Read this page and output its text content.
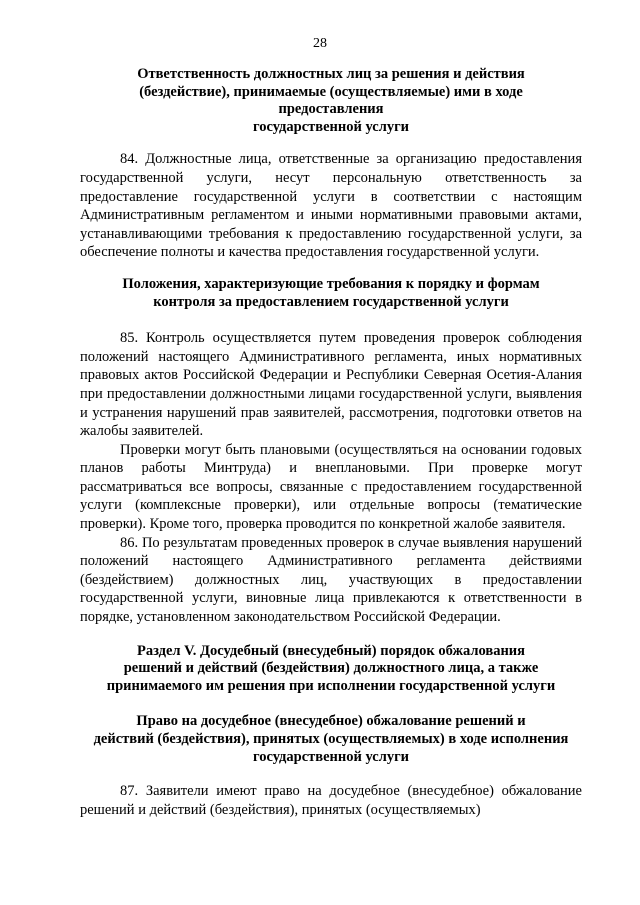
28
Ответственность должностных лиц за решения и действия
(бездействие), принимаемые (осуществляемые) ими в ходе
предоставления
государственной услуги

84. Должностные лица, ответственные за организацию предоставления государственной услуги, несут персональную ответственность за предоставление государственной услуги в соответствии с настоящим Административным регламентом и иными нормативными правовыми актами, устанавливающими требования к предоставлению государственной услуги, за обеспечение полноты и качества предоставления государственной услуги.

Положения, характеризующие требования к порядку и формам
контроля за предоставлением государственной услуги

85. Контроль осуществляется путем проведения проверок соблюдения положений настоящего Административного регламента, иных нормативных правовых актов Российской Федерации и Республики Северная Осетия-Алания при предоставлении должностными лицами государственной услуги, выявления и устранения нарушений прав заявителей, рассмотрения, подготовки ответов на жалобы заявителей.

Проверки могут быть плановыми (осуществляться на основании годовых планов работы Минтруда) и внеплановыми. При проверке могут рассматриваться все вопросы, связанные с предоставлением государственной услуги (комплексные проверки), или отдельные вопросы (тематические проверки). Кроме того, проверка проводится по конкретной жалобе заявителя.

86. По результатам проведенных проверок в случае выявления нарушений положений настоящего Административного регламента действиями (бездействием) должностных лиц, участвующих в предоставлении государственной услуги, виновные лица привлекаются к ответственности в порядке, установленном законодательством Российской Федерации.

Раздел V. Досудебный (внесудебный) порядок обжалования
решений и действий (бездействия) должностного лица, а также
принимаемого им решения при исполнении государственной услуги
Право на досудебное (внесудебное) обжалование решений и
действий (бездействия), принятых (осуществляемых) в ходе исполнения
государственной услуги

87. Заявители имеют право на досудебное (внесудебное) обжалование решений и действий (бездействия), принятых (осуществляемых)
